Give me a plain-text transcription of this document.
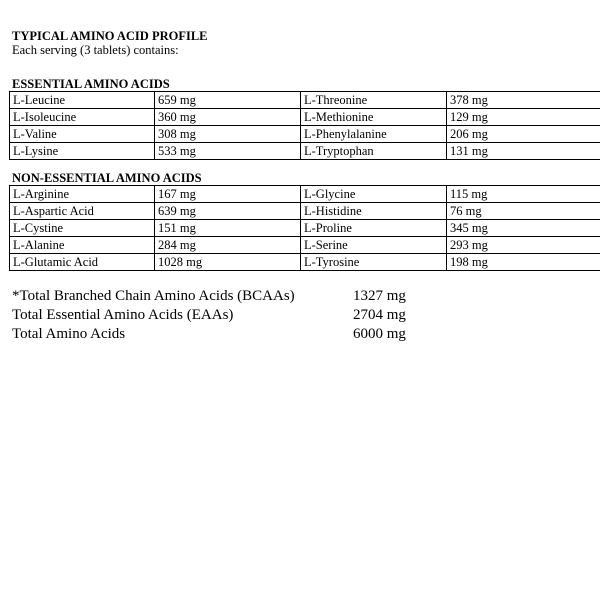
TYPICAL AMINO ACID PROFILE
Each serving (3 tablets) contains:
ESSENTIAL AMINO ACIDS
L-Leucine	659 mg	L-Threonine	378 mg
L-Isoleucine	360 mg	L-Methionine	129 mg
L-Valine	308 mg	L-Phenylalanine	206 mg
L-Lysine	533 mg	L-Tryptophan	131 mg
NON-ESSENTIAL AMINO ACIDS
L-Arginine	167 mg	L-Glycine	115 mg
L-Aspartic Acid	639 mg	L-Histidine	76 mg
L-Cystine	151 mg	L-Proline	345 mg
L-Alanine	284 mg	L-Serine	293 mg
L-Glutamic Acid	1028 mg	L-Tyrosine	198 mg
*Total Branched Chain Amino Acids (BCAAs)	1327 mg
Total Essential Amino Acids (EAAs)	2704 mg
Total Amino Acids	6000 mg
